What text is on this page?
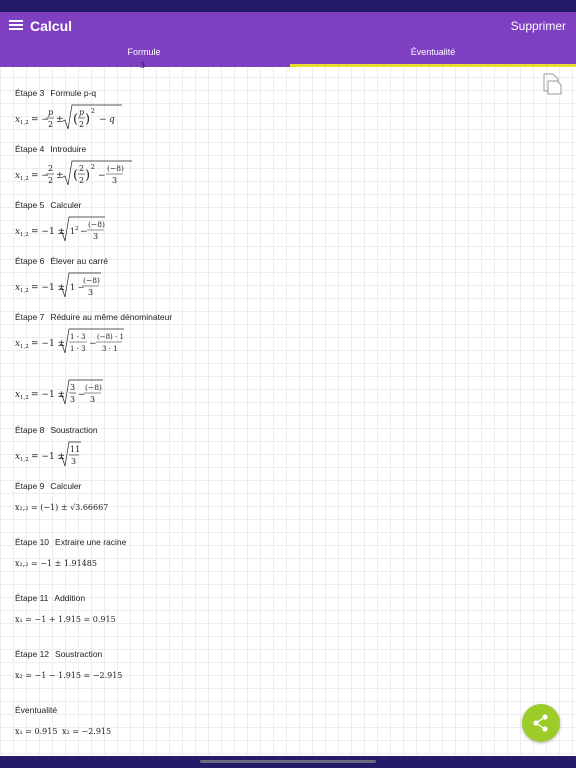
Calcul	Supprimer
Formule	Éventualité
3
Étape 3 Formule p-q
x 1,2 = −
p
2 ± ( p
2 )
2
− q
Étape 4 Introduire
x 1,2 = −
2
2 ± ( 2
2 )
2
−
(−8)
3
Étape 5 Calculer
x 1,2 = −1 ± 1 2 −
(−8)
3
Étape 6 Élever au carré
x 1,2 = −1 ± 1 −
(−8)
3
Étape 7 Réduire au même dénominateur
x 1,2 = −1 ±
1 · 3
1 · 3 −
(−8) · 1
3 · 1
x 1,2 = −1 ±
3
3 −
(−8)
3
Étape 8 Soustraction
x 1,2 = −1 ±
11
3
Étape 9 Calculer
x₁,₂ = (−1) ± √3.66667
Étape 10 Extraire une racine
x₁,₂ = −1 ± 1.91485
Étape 11 Addition
x₁ = −1 + 1.915 = 0.915
Étape 12 Soustraction
x₂ = −1 − 1.915 = −2.915
Éventualité
x₁ = 0.915 x₂ = −2.915
